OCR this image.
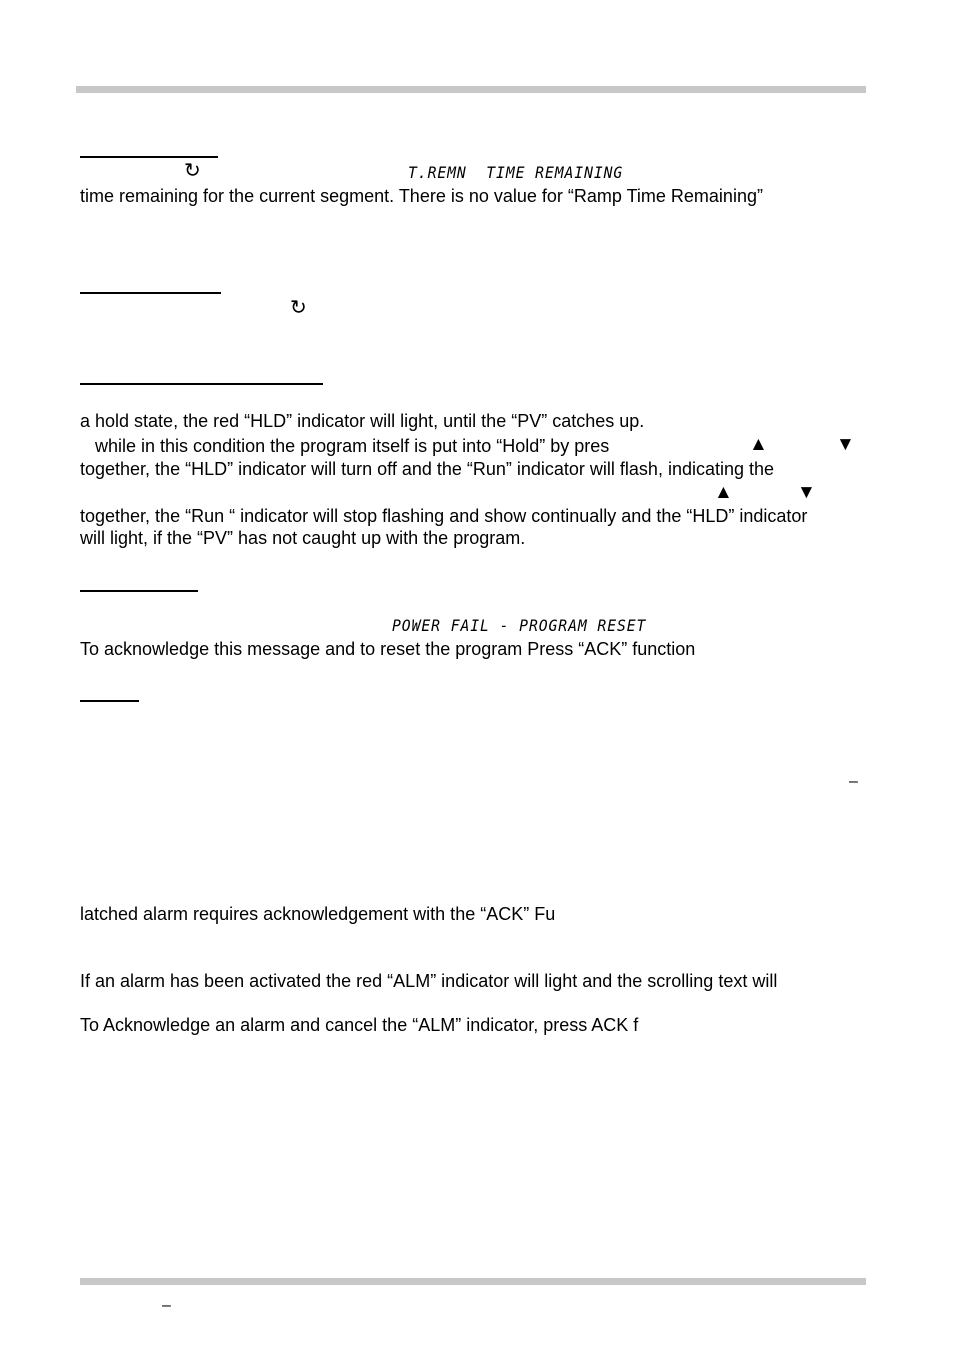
↻	T.REMN  TIME REMAINING
time remaining for the current segment. There is no value for “Ramp Time Remaining”
↻
a hold state, the red “HLD” indicator will light, until the “PV” catches up.
while in this condition the program itself is put into “Hold” by pres	▲	▼
together, the “HLD” indicator will turn off and the “Run” indicator will flash, indicating the
▲	▼
together, the “Run “ indicator will stop flashing and show continually and the “HLD” indicator
will light, if the “PV” has not caught up with the program.
POWER FAIL - PROGRAM RESET
To acknowledge this message and to reset the program Press “ACK” function
–
latched alarm requires acknowledgement with the “ACK” Fu
If an alarm has been activated the red “ALM” indicator will light and the scrolling text will
To Acknowledge an alarm and cancel the “ALM” indicator, press ACK f
–
